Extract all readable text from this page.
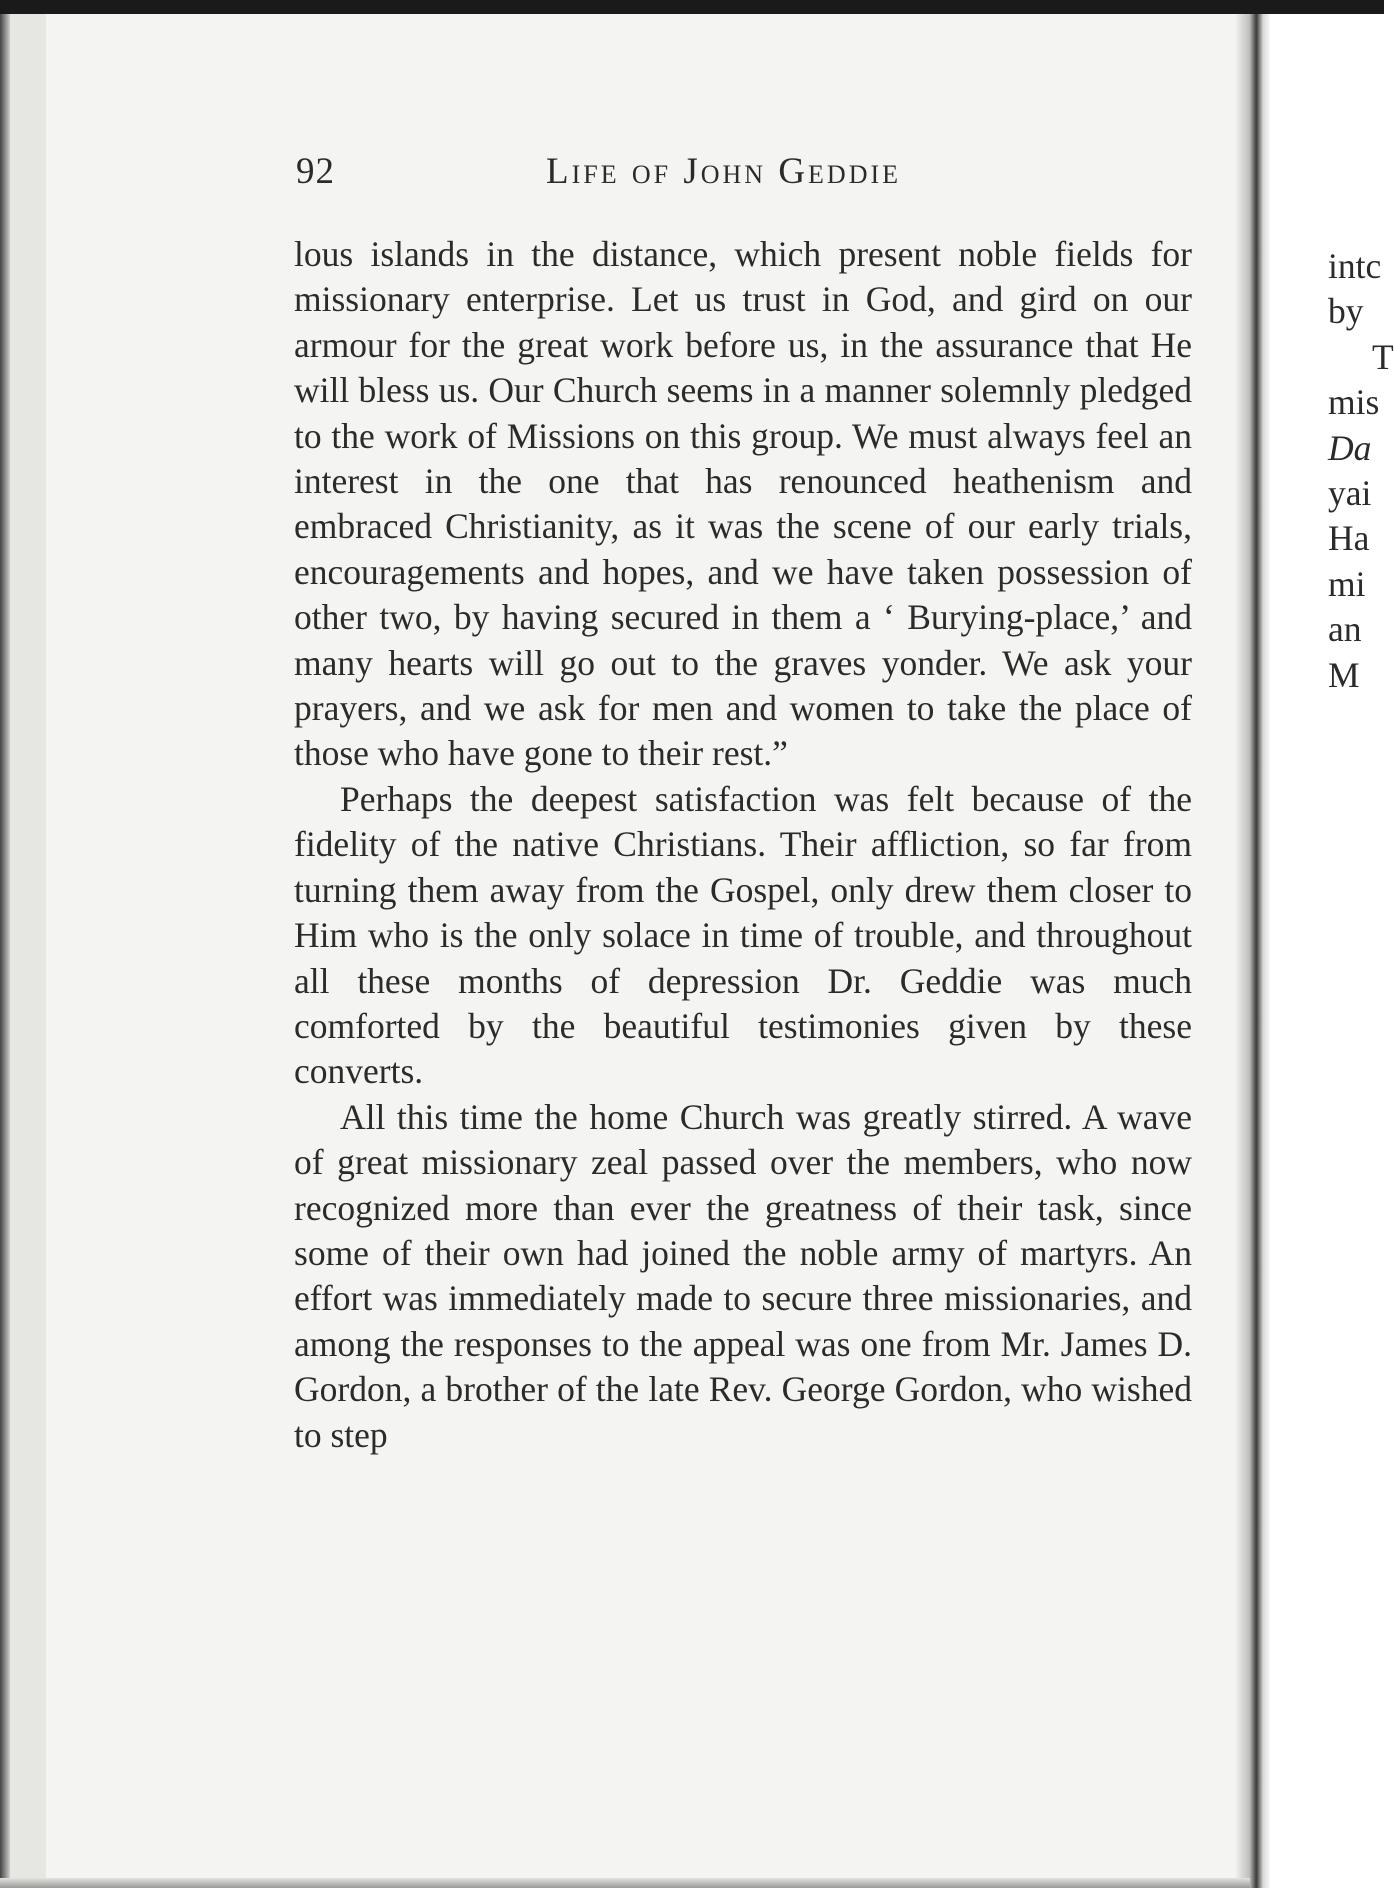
92	Life of John Geddie

lous islands in the distance, which present noble fields for missionary enterprise. Let us trust in God, and gird on our armour for the great work before us, in the assurance that He will bless us. Our Church seems in a manner solemnly pledged to the work of Missions on this group. We must always feel an interest in the one that has renounced heathenism and embraced Christianity, as it was the scene of our early trials, encouragements and hopes, and we have taken possession of other two, by having secured in them a ‘ Burying-place,’ and many hearts will go out to the graves yonder. We ask your prayers, and we ask for men and women to take the place of those who have gone to their rest.”

Perhaps the deepest satisfaction was felt because of the fidelity of the native Christians. Their affliction, so far from turning them away from the Gospel, only drew them closer to Him who is the only solace in time of trouble, and throughout all these months of depression Dr. Geddie was much comforted by the beautiful testimonies given by these converts.

All this time the home Church was greatly stirred. A wave of great missionary zeal passed over the members, who now recognized more than ever the greatness of their task, since some of their own had joined the noble army of martyrs. An effort was immediately made to secure three missionaries, and among the responses to the appeal was one from Mr. James D. Gordon, a brother of the late Rev. George Gordon, who wished to step

intc
by
T
mis
Da
yai
Ha
mi
an
M
